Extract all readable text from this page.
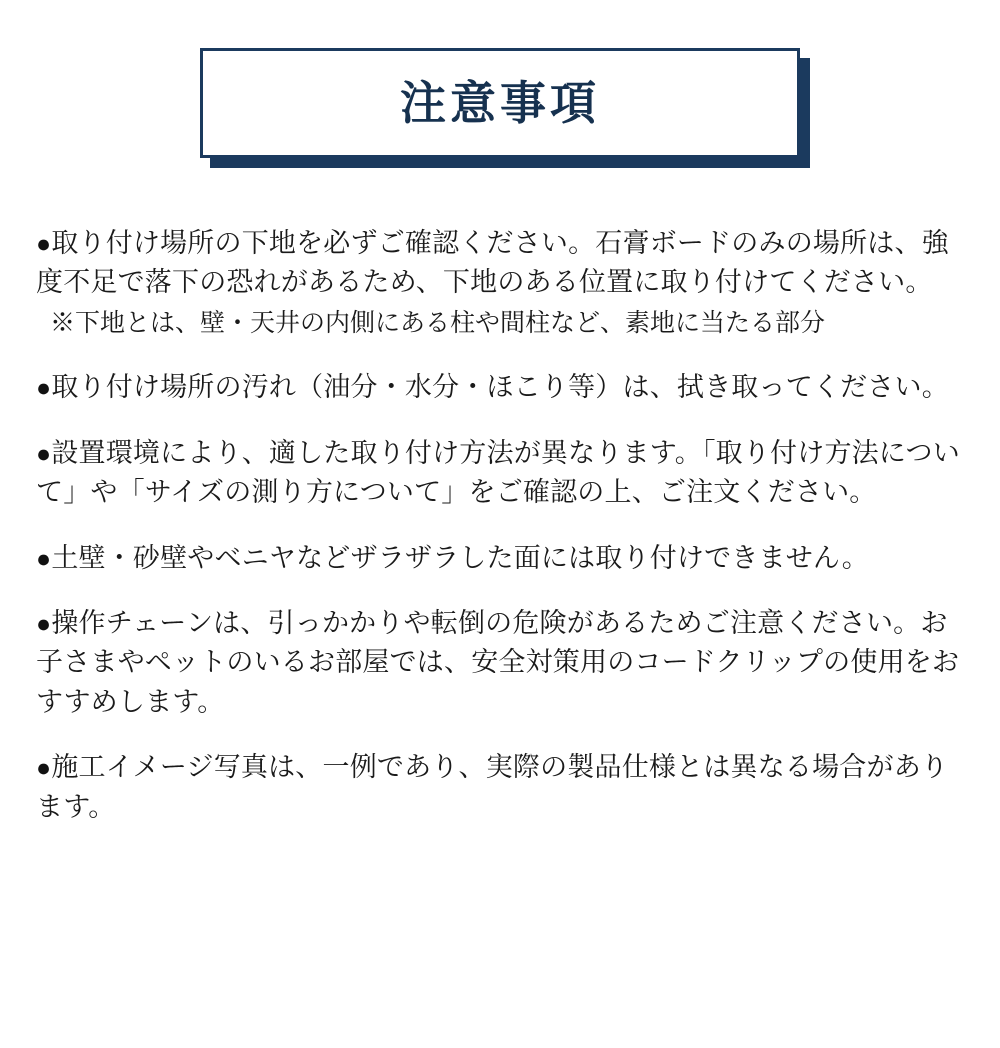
注意事項
●取り付け場所の下地を必ずご確認ください。石膏ボードのみの場所は、強度不足で落下の恐れがあるため、下地のある位置に取り付けてください。
※下地とは、壁・天井の内側にある柱や間柱など、素地に当たる部分
●取り付け場所の汚れ（油分・水分・ほこり等）は、拭き取ってください。
●設置環境により、適した取り付け方法が異なります。「取り付け方法について」や「サイズの測り方について」をご確認の上、ご注文ください。
●土壁・砂壁やベニヤなどザラザラした面には取り付けできません。
●操作チェーンは、引っかかりや転倒の危険があるためご注意ください。お子さまやペットのいるお部屋では、安全対策用のコードクリップの使用をおすすめします。
●施工イメージ写真は、一例であり、実際の製品仕様とは異なる場合があります。
